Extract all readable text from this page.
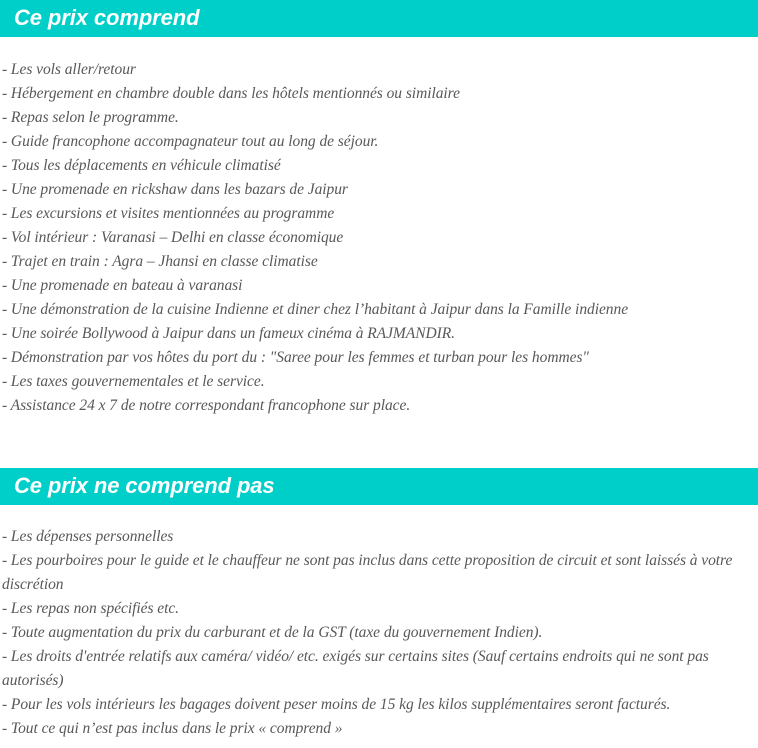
Ce prix comprend

- Les vols aller/retour

- Hébergement en chambre double dans les hôtels mentionnés ou similaire

- Repas selon le programme.

- Guide francophone accompagnateur tout au long de séjour.

- Tous les déplacements en véhicule climatisé

- Une promenade en rickshaw dans les bazars de Jaipur

- Les excursions et visites mentionnées au programme

- Vol intérieur : Varanasi – Delhi en classe économique

- Trajet en train : Agra – Jhansi en classe climatise

- Une promenade en bateau à varanasi

- Une démonstration de la cuisine Indienne et diner chez l’habitant à Jaipur dans la Famille indienne

- Une soirée Bollywood à Jaipur dans un fameux cinéma à RAJMANDIR.

- Démonstration par vos hôtes du port du : "Saree pour les femmes et turban pour les hommes"

- Les taxes gouvernementales et le service.

- Assistance 24 x 7 de notre correspondant francophone sur place.

Ce prix ne comprend pas

- Les dépenses personnelles

- Les pourboires pour le guide et le chauffeur ne sont pas inclus dans cette proposition de circuit et sont laissés à votre discrétion

- Les repas non spécifiés etc.

- Toute augmentation du prix du carburant et de la GST (taxe du gouvernement Indien).

- Les droits d'entrée relatifs aux caméra/ vidéo/ etc. exigés sur certains sites (Sauf certains endroits qui ne sont pas autorisés)

- Pour les vols intérieurs les bagages doivent peser moins de 15 kg les kilos supplémentaires seront facturés.

- Tout ce qui n’est pas inclus dans le prix « comprend »
